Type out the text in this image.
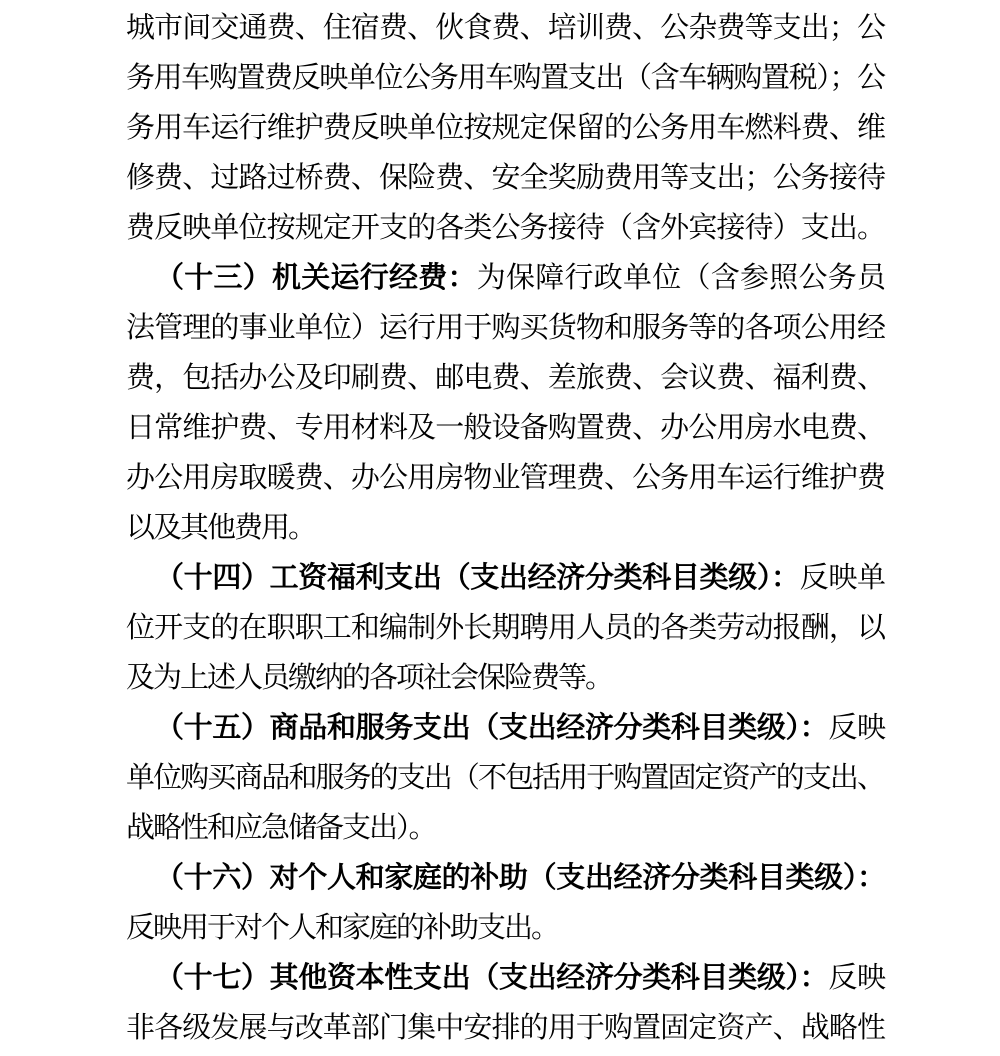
城市间交通费、住宿费、伙食费、培训费、公杂费等支出；公
务用车购置费反映单位公务用车购置支出（含车辆购置税）；公
务用车运行维护费反映单位按规定保留的公务用车燃料费、维
修费、过路过桥费、保险费、安全奖励费用等支出；公务接待
费反映单位按规定开支的各类公务接待（含外宾接待）支出。
（十三）机关运行经费：为保障行政单位（含参照公务员
法管理的事业单位）运行用于购买货物和服务等的各项公用经
费，包括办公及印刷费、邮电费、差旅费、会议费、福利费、
日常维护费、专用材料及一般设备购置费、办公用房水电费、
办公用房取暖费、办公用房物业管理费、公务用车运行维护费
以及其他费用。
（十四）工资福利支出（支出经济分类科目类级）：反映单
位开支的在职职工和编制外长期聘用人员的各类劳动报酬，以
及为上述人员缴纳的各项社会保险费等。
（十五）商品和服务支出（支出经济分类科目类级）：反映
单位购买商品和服务的支出（不包括用于购置固定资产的支出、
战略性和应急储备支出）。
（十六）对个人和家庭的补助（支出经济分类科目类级）：
反映用于对个人和家庭的补助支出。
（十七）其他资本性支出（支出经济分类科目类级）：反映
非各级发展与改革部门集中安排的用于购置固定资产、战略性
